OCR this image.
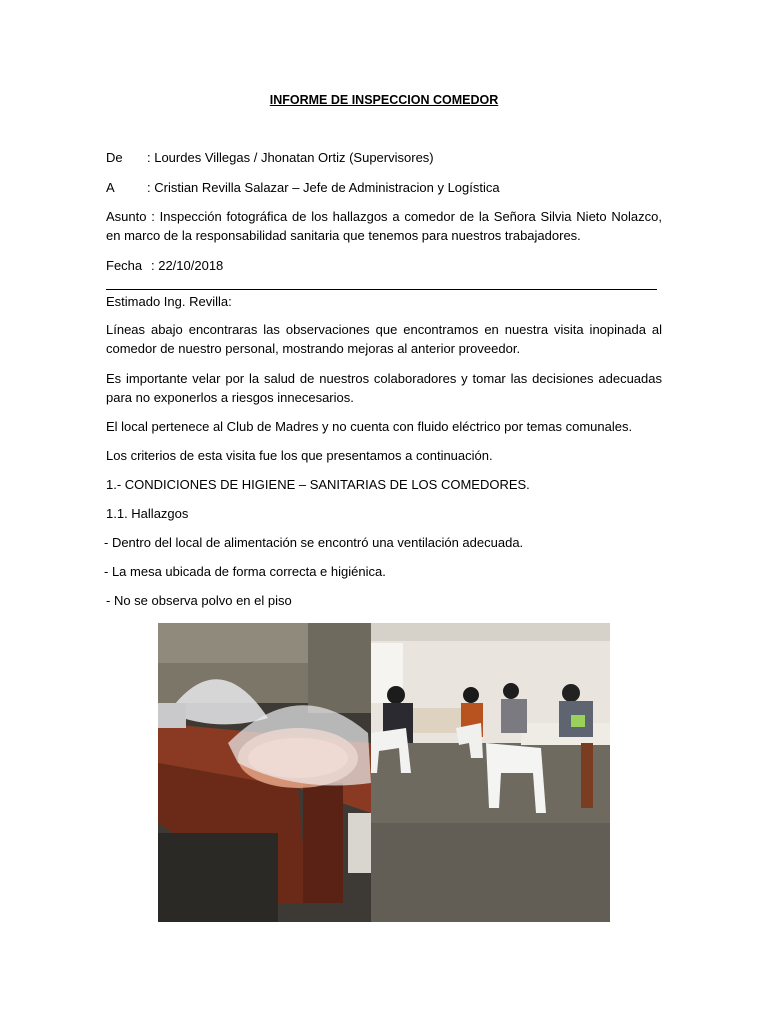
INFORME DE INSPECCION COMEDOR
De : Lourdes Villegas / Jhonatan Ortiz (Supervisores)
A : Cristian Revilla Salazar – Jefe de Administracion y Logística
Asunto : Inspección fotográfica de los hallazgos a comedor de la Señora Silvia Nieto Nolazco, en marco de la responsabilidad sanitaria que tenemos para nuestros trabajadores.
Fecha : 22/10/2018
Estimado Ing. Revilla:
Líneas abajo encontraras las observaciones que encontramos en nuestra visita inopinada al comedor de nuestro personal, mostrando mejoras al anterior proveedor.
Es importante velar por la salud de nuestros colaboradores y tomar las decisiones adecuadas para no exponerlos a riesgos innecesarios.
El local pertenece al Club de Madres y no cuenta con fluido eléctrico por temas comunales.
Los criterios de esta visita fue los que presentamos a continuación.
1.- CONDICIONES DE HIGIENE – SANITARIAS DE LOS COMEDORES.
1.1. Hallazgos
- Dentro del local de alimentación se encontró una ventilación adecuada.
- La mesa ubicada de forma correcta e higiénica.
- No se observa polvo en el piso
